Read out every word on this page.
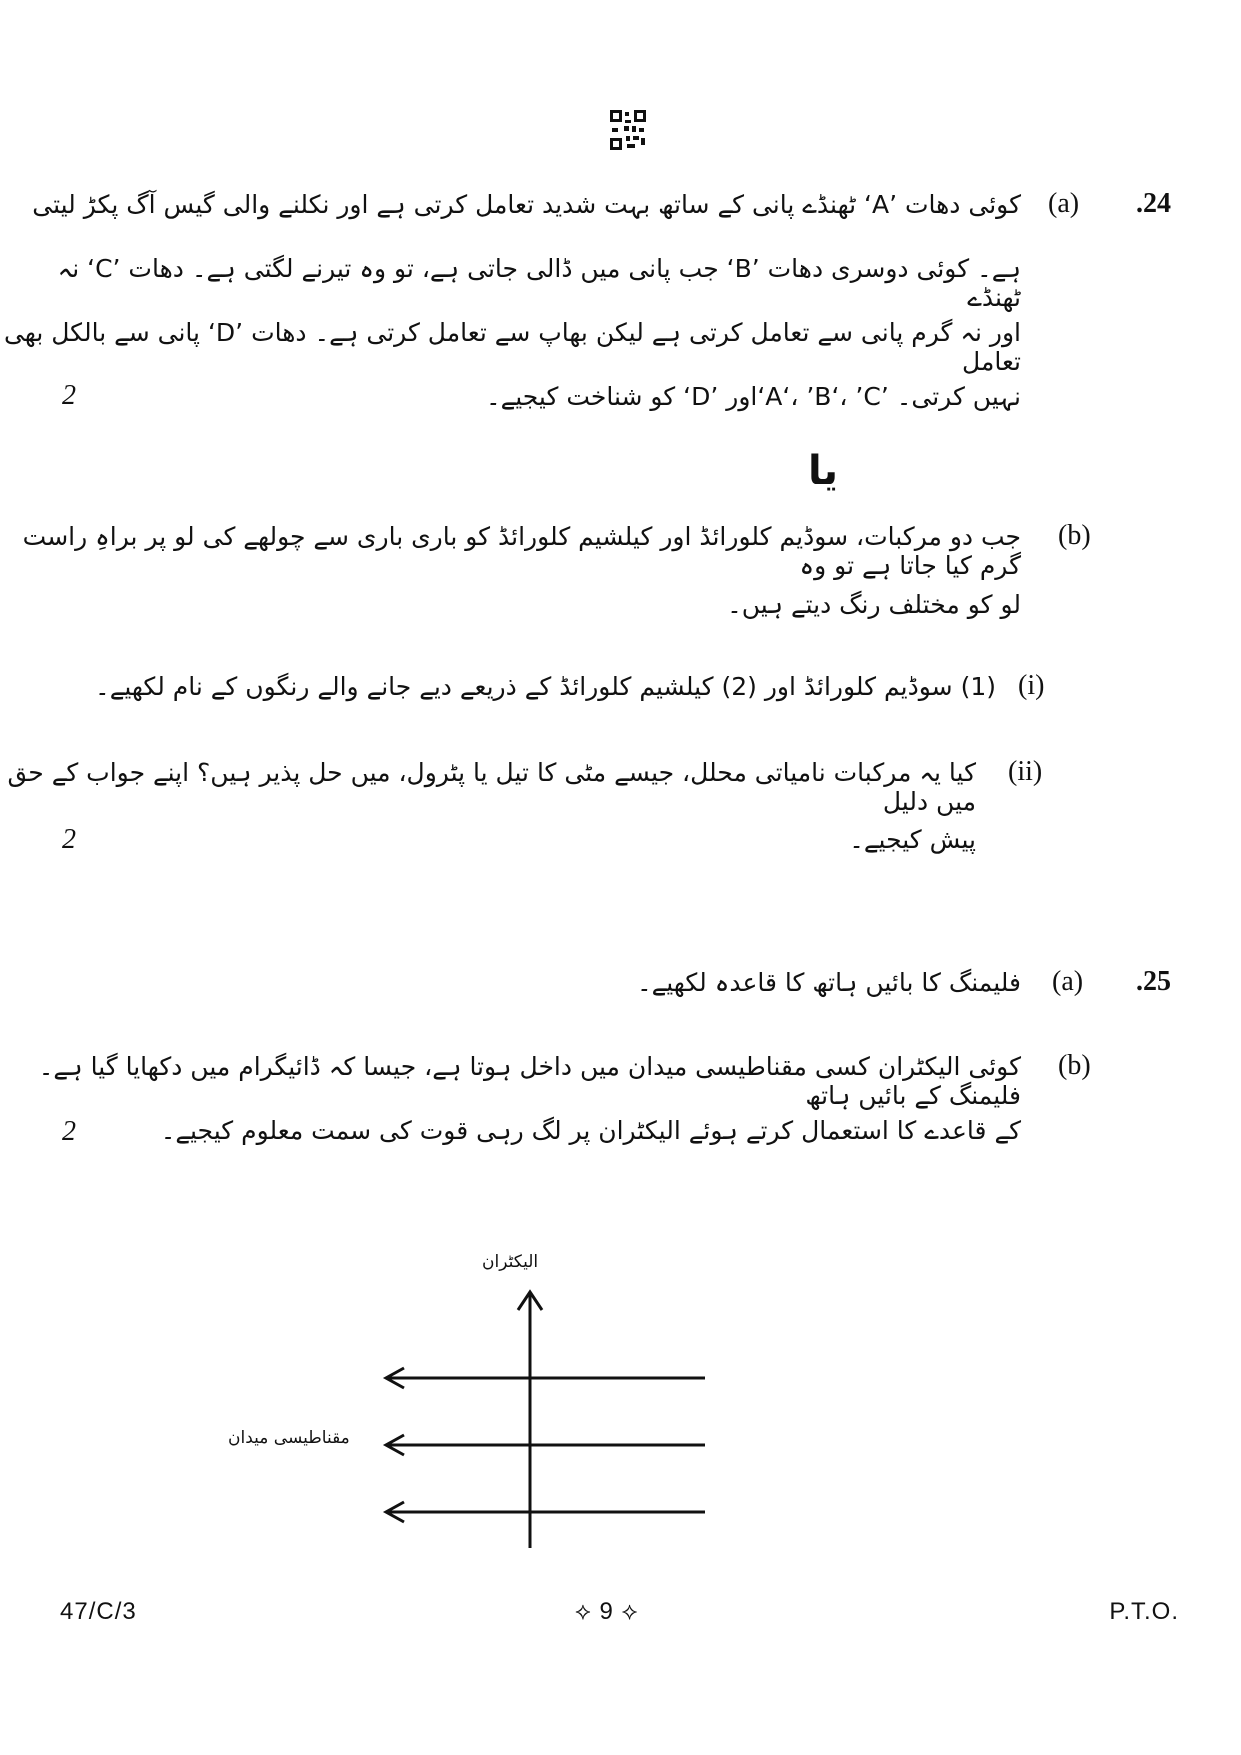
.24
(a)
کوئی دھات ’A‘ ٹھنڈے پانی کے ساتھ بہت شدید تعامل کرتی ہے اور نکلنے والی گیس آگ پکڑ لیتی
ہے۔ کوئی دوسری دھات ’B‘ جب پانی میں ڈالی جاتی ہے، تو وہ تیرنے لگتی ہے۔ دھات ’C‘ نہ ٹھنڈے
اور نہ گرم پانی سے تعامل کرتی ہے لیکن بھاپ سے تعامل کرتی ہے۔ دھات ’D‘ پانی سے بالکل بھی تعامل
نہیں کرتی۔ ’A‘، ’B‘، ’C‘اور ’D‘ کو شناخت کیجیے۔
2
یا
(b)
جب دو مرکبات، سوڈیم کلورائڈ اور کیلشیم کلورائڈ کو باری باری سے چولھے کی لو پر براہِ راست گرم کیا جاتا ہے تو وہ
لو کو مختلف رنگ دیتے ہیں۔
(i)
(1) سوڈیم کلورائڈ اور (2) کیلشیم کلورائڈ کے ذریعے دیے جانے والے رنگوں کے نام لکھیے۔
(ii)
کیا یہ مرکبات نامیاتی محلل، جیسے مٹی کا تیل یا پٹرول، میں حل پذیر ہیں؟ اپنے جواب کے حق میں دلیل
پیش کیجیے۔
2
.25
(a)
فلیمنگ کا بائیں ہاتھ کا قاعدہ لکھیے۔
(b)
کوئی الیکٹران کسی مقناطیسی میدان میں داخل ہوتا ہے، جیسا کہ ڈائیگرام میں دکھایا گیا ہے۔ فلیمنگ کے بائیں ہاتھ
کے قاعدے کا استعمال کرتے ہوئے الیکٹران پر لگ رہی قوت کی سمت معلوم کیجیے۔
2
الیکٹران
مقناطیسی میدان
47/C/3	⟡ 9 ⟡	P.T.O.
